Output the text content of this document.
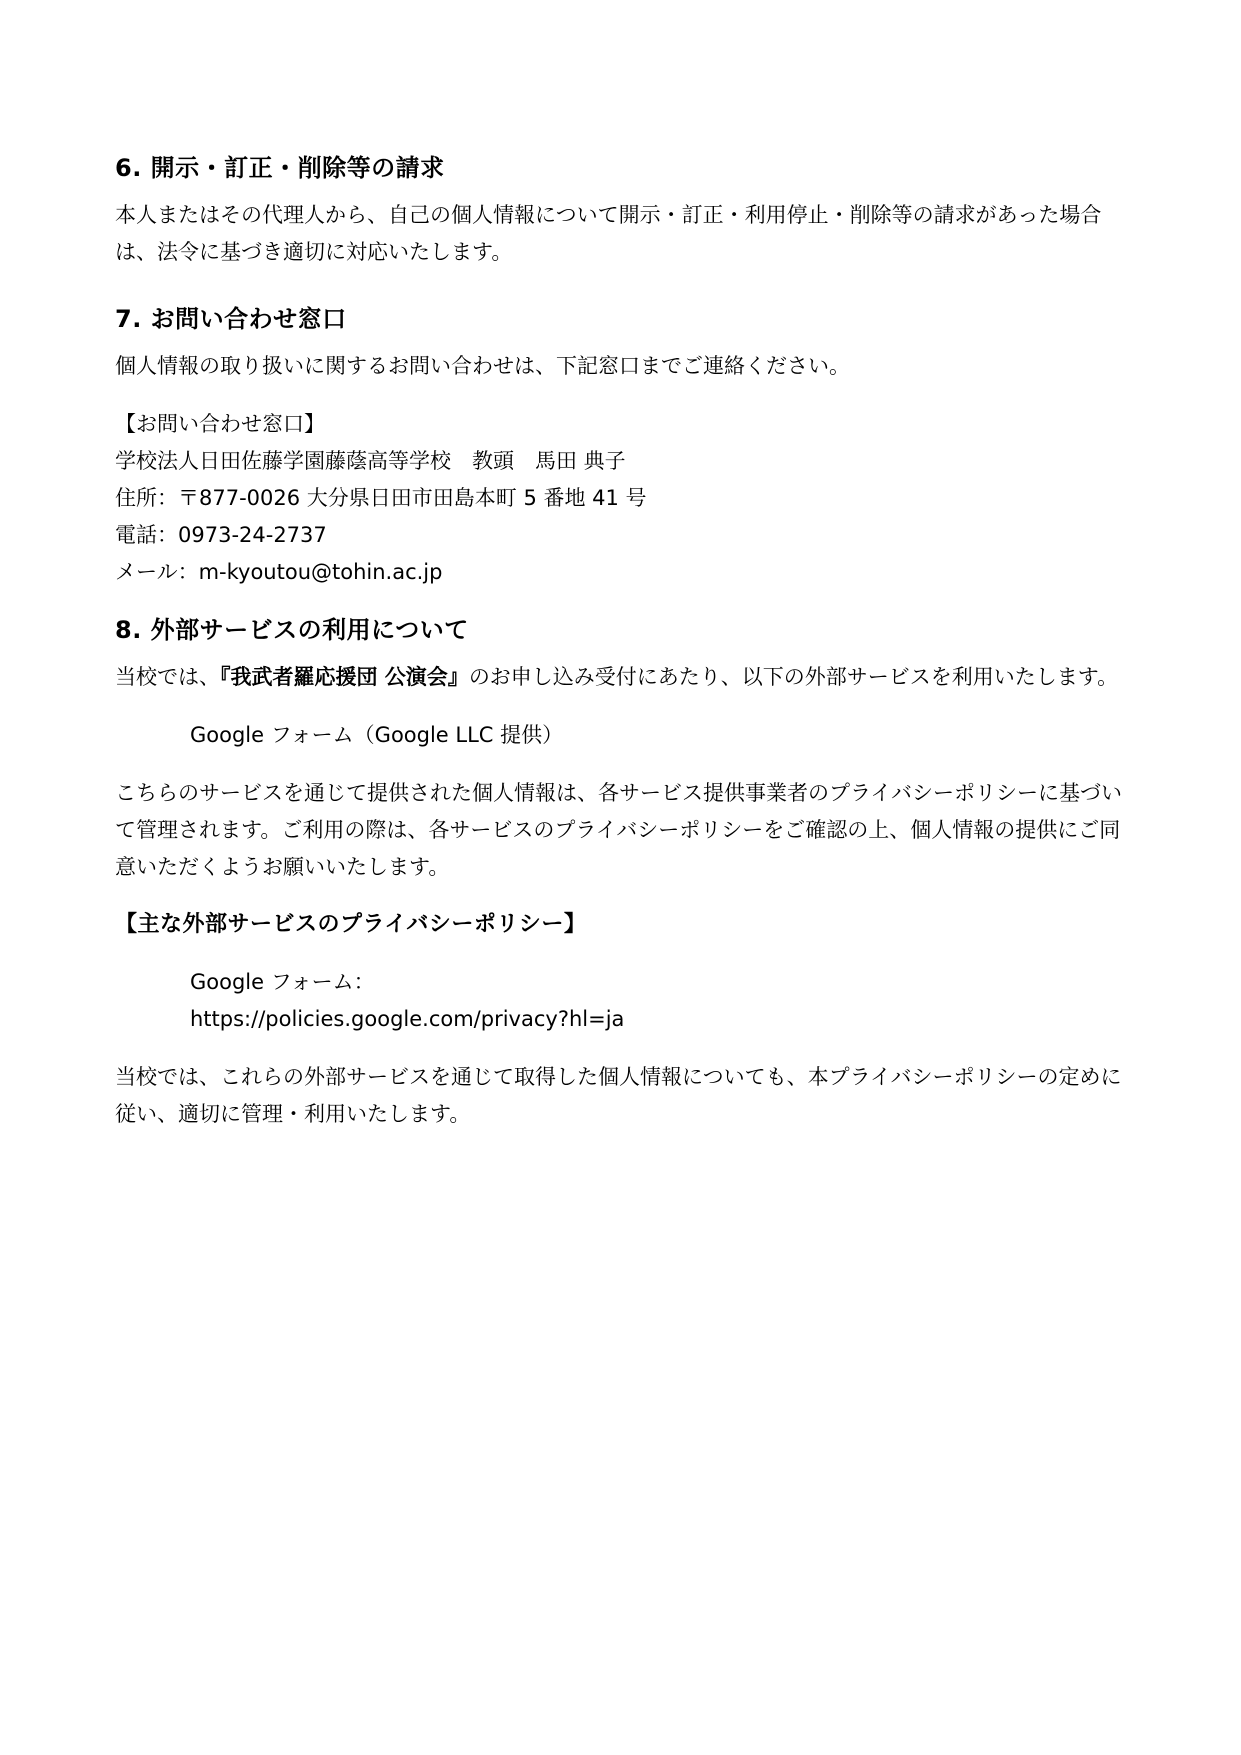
6. 開示・訂正・削除等の請求

本人またはその代理人から、自己の個人情報について開示・訂正・利用停止・削除等の請求があった場合は、法令に基づき適切に対応いたします。

7. お問い合わせ窓口

個人情報の取り扱いに関するお問い合わせは、下記窓口までご連絡ください。

【お問い合わせ窓口】

学校法人日田佐藤学園藤蔭高等学校　教頭　馬田 典子

住所：〒877-0026 大分県日田市田島本町 5 番地 41 号

電話：0973-24-2737

メール：m-kyoutou@tohin.ac.jp

8. 外部サービスの利用について

当校では、『我武者羅応援団 公演会』のお申し込み受付にあたり、以下の外部サービスを利用いたします。

Google フォーム（Google LLC 提供）

こちらのサービスを通じて提供された個人情報は、各サービス提供事業者のプライバシーポリシーに基づいて管理されます。ご利用の際は、各サービスのプライバシーポリシーをご確認の上、個人情報の提供にご同意いただくようお願いいたします。

【主な外部サービスのプライバシーポリシー】

Google フォーム：

https://policies.google.com/privacy?hl=ja

当校では、これらの外部サービスを通じて取得した個人情報についても、本プライバシーポリシーの定めに従い、適切に管理・利用いたします。
